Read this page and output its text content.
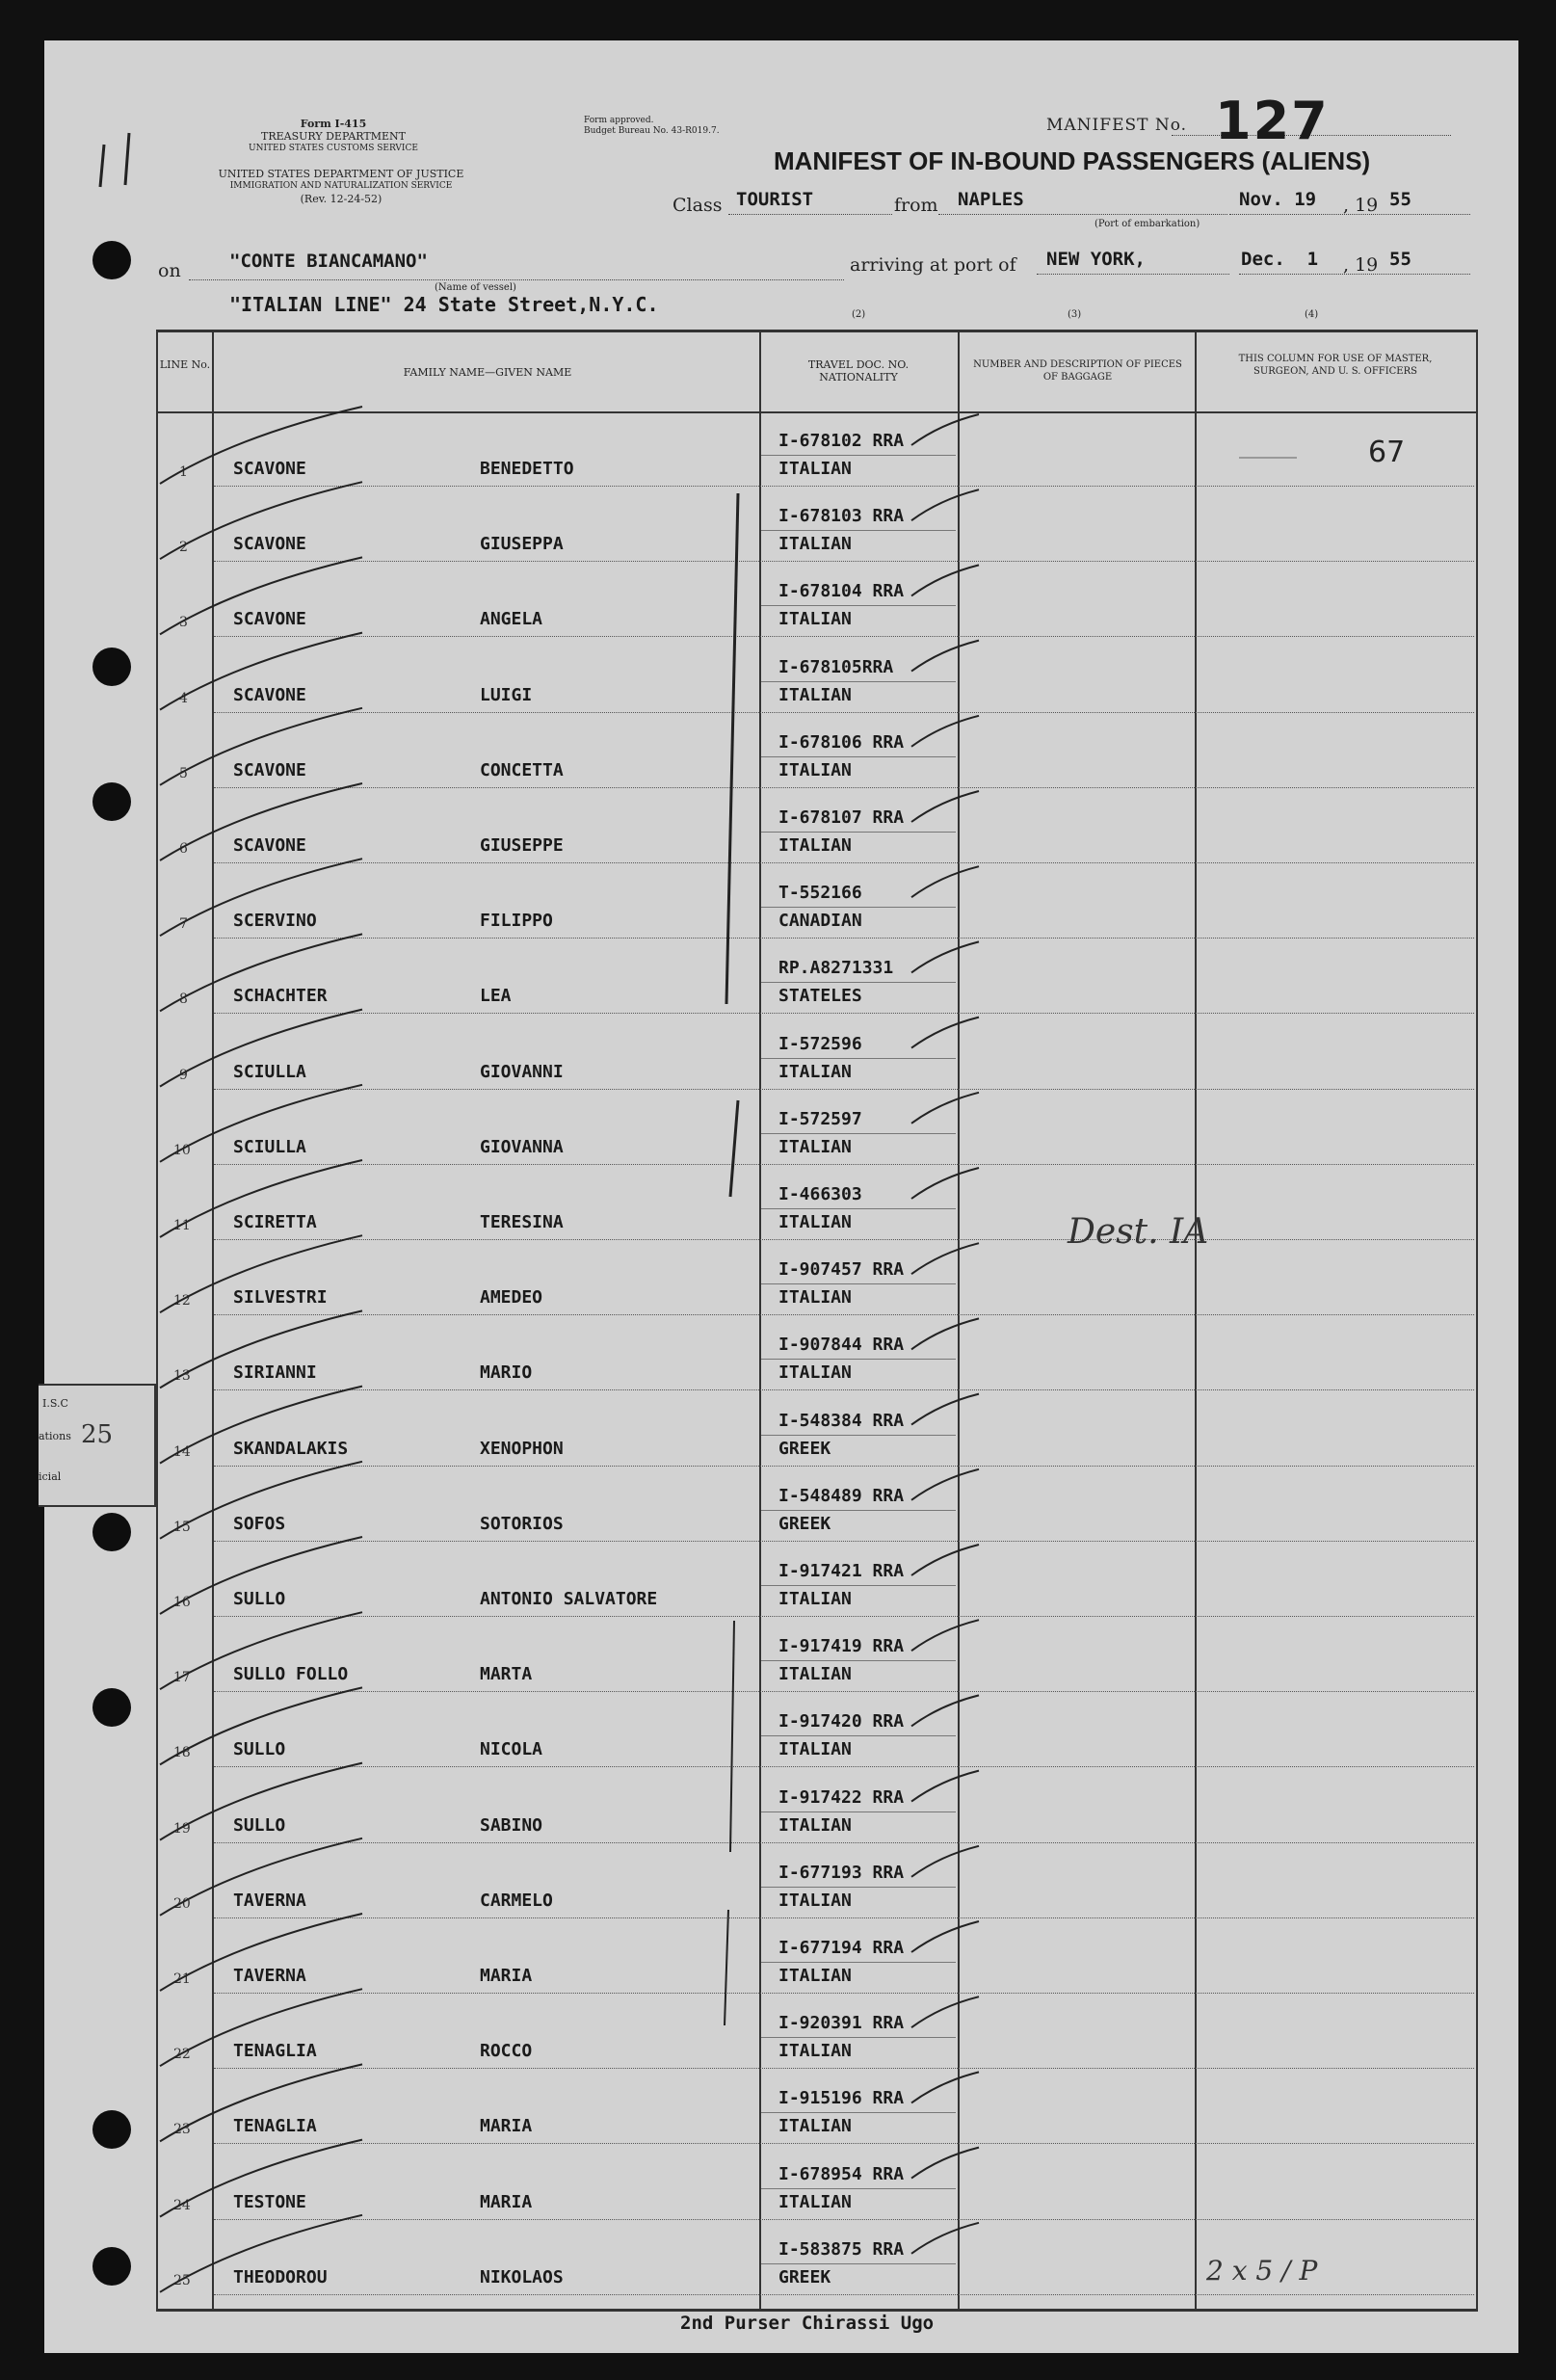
Form I-415
TREASURY DEPARTMENT
UNITED STATES CUSTOMS SERVICE
UNITED STATES DEPARTMENT OF JUSTICE
IMMIGRATION AND NATURALIZATION SERVICE
(Rev. 12-24-52)
Form approved.
Budget Bureau No. 43-R019.7.	MANIFEST No. 127
MANIFEST OF IN-BOUND PASSENGERS (ALIENS)
Class TOURIST	from NAPLES
(Port of embarkation)
Nov. 19 , 19 55
on	"CONTE BIANCAMANO"
(Name of vessel)
arriving at port of NEW YORK,	Dec.  1 , 19 55
"ITALIAN LINE" 24 State Street,N.Y.C.	(2)	(3)	(4)
LINE No.
FAMILY NAME—GIVEN NAME
TRAVEL DOC. NO. NATIONALITY
NUMBER AND DESCRIPTION OF PIECES OF BAGGAGE
THIS COLUMN FOR USE OF MASTER, SURGEON, AND U. S. OFFICERS
67
1	SCAVONE	BENEDETTO
I-678102 RRA
ITALIAN
2	SCAVONE	GIUSEPPA
I-678103 RRA
ITALIAN
3	SCAVONE	ANGELA
I-678104 RRA
ITALIAN
4	SCAVONE	LUIGI
I-678105RRA
ITALIAN
5	SCAVONE	CONCETTA
I-678106 RRA
ITALIAN
6	SCAVONE	GIUSEPPE
I-678107 RRA
ITALIAN
7	SCERVINO	FILIPPO
T-552166
CANADIAN
8	SCHACHTER	LEA
RP.A8271331
STATELES
9	SCIULLA	GIOVANNI
I-572596
ITALIAN
10 SCIULLA	GIOVANNA
I-572597
ITALIAN
11 SCIRETTA	TERESINA
I-466303
ITALIAN
12 SILVESTRI	AMEDEO
I-907457 RRA
ITALIAN
13 SIRIANNI	MARIO
I-907844 RRA
ITALIAN
14 SKANDALAKIS	XENOPHON
I-548384 RRA
GREEK
15 SOFOS	SOTORIOS
I-548489 RRA
GREEK
16 SULLO	ANTONIO SALVATORE
I-917421 RRA
ITALIAN
17 SULLO FOLLO	MARTA
I-917419 RRA
ITALIAN
18 SULLO	NICOLA
I-917420 RRA
ITALIAN
19 SULLO	SABINO
I-917422 RRA
ITALIAN
20 TAVERNA	CARMELO
I-677193 RRA
ITALIAN
21 TAVERNA	MARIA
I-677194 RRA
ITALIAN
22 TENAGLIA	ROCCO
I-920391 RRA
ITALIAN
23 TENAGLIA	MARIA
I-915196 RRA
ITALIAN
24 TESTONE	MARIA
I-678954 RRA
ITALIAN
25 THEODOROU	NIKOLAOS
I-583875 RRA
GREEK
I.S.C
ations 25
icial
Dest. IA
2 x 5 / P
2nd Purser Chirassi Ugo
